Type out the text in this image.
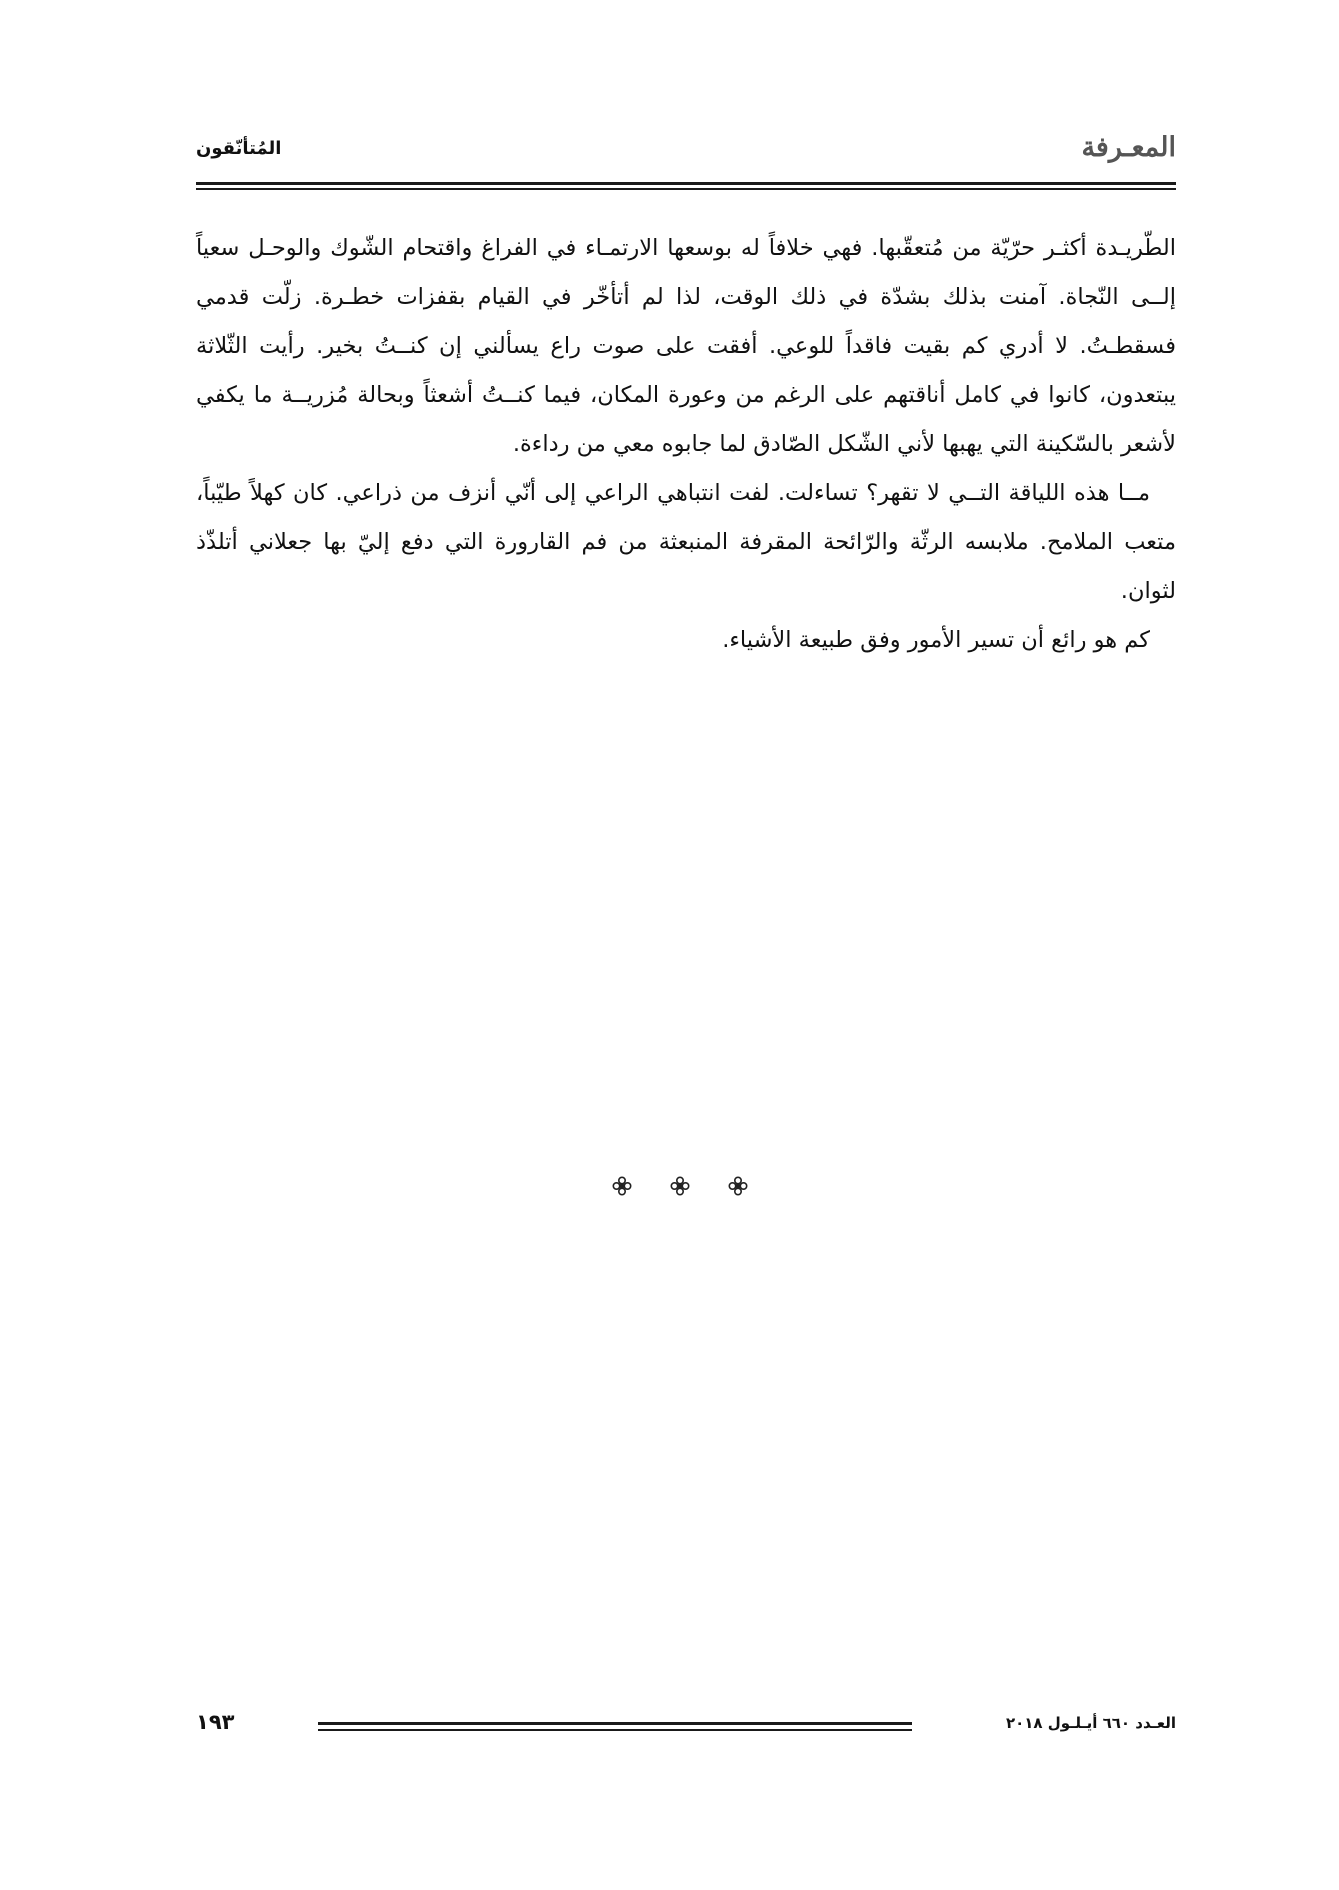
المعـرفة
المُتأنّقون

الطّريـدة أكثـر حرّيّة من مُتعقّبها. فهي خلافاً له بوسعها الارتمـاء في الفراغ واقتحام الشّوك والوحـل سعياً إلــى النّجاة. آمنت بذلك بشدّة في ذلك الوقت، لذا لم أتأخّر في القيام بقفزات خطـرة. زلّت قدمي فسقطـتُ. لا أدري كم بقيت فاقداً للوعي. أفقت على صوت راع يسألني إن كنــتُ بخير. رأيت الثّلاثة يبتعدون، كانوا في كامل أناقتهم على الرغم من وعورة المكان، فيما كنــتُ أشعثاً وبحالة مُزريــة ما يكفي لأشعر بالسّكينة التي يهبها لأني الشّكل الصّادق لما جابوه معي من رداءة.

مــا هذه اللياقة التــي لا تقهر؟ تساءلت. لفت انتباهي الراعي إلى أنّي أنزف من ذراعي. كان كهلاً طيّباً، متعب الملامح. ملابسه الرثّة والرّائحة المقرفة المنبعثة من فم القارورة التي دفع إليّ بها جعلاني أتلذّذ لثوان.

كم هو رائع أن تسير الأمور وفق طبيعة الأشياء.

العـدد ٦٦٠ أيـلـول ٢٠١٨
١٩٣
